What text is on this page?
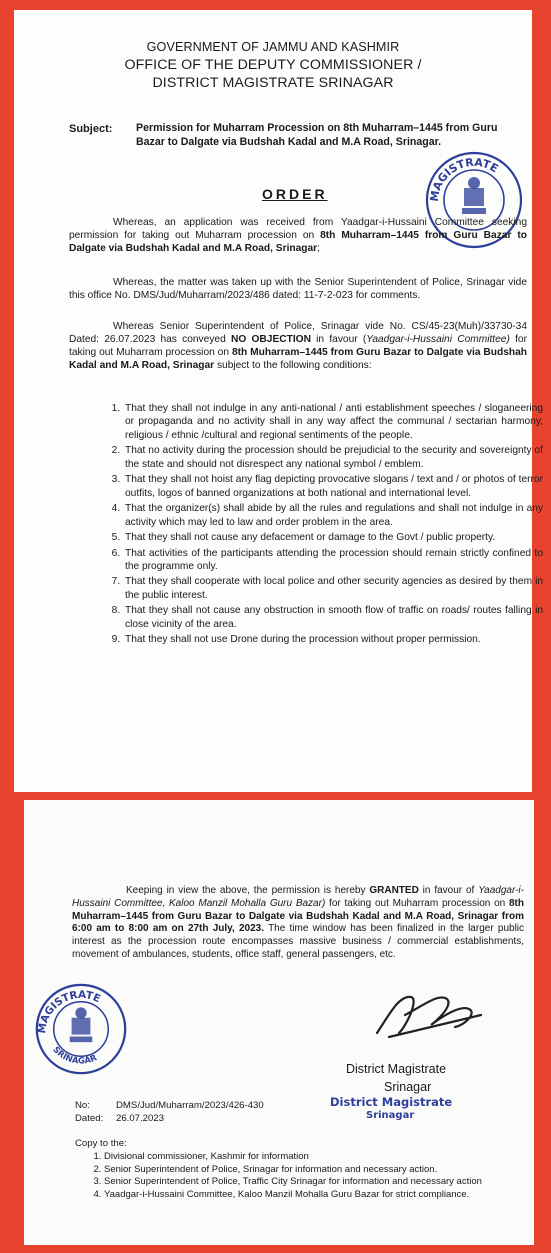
GOVERNMENT OF JAMMU AND KASHMIR

OFFICE OF THE DEPUTY COMMISSIONER /

DISTRICT MAGISTRATE SRINAGAR

Subject: Permission for Muharram Procession on 8th Muharram–1445 from Guru Bazar to Dalgate via Budshah Kadal and M.A Road, Srinagar.

ORDER	MAGISTRATE
Whereas, an application was received from Yaadgar-i-Hussaini Committee seeking permission for taking out Muharram procession on 8th Muharram–1445 from Guru Bazar to Dalgate via Budshah Kadal and M.A Road, Srinagar;
Whereas, the matter was taken up with the Senior Superintendent of Police, Srinagar vide this office No. DMS/Jud/Muharram/2023/486 dated: 11-7-2-023 for comments.
Whereas Senior Superintendent of Police, Srinagar vide No. CS/45-23(Muh)/33730-34 Dated: 26.07.2023 has conveyed NO OBJECTION in favour (Yaadgar-i-Hussaini Committee) for taking out Muharram procession on 8th Muharram–1445 from Guru Bazar to Dalgate via Budshah Kadal and M.A Road, Srinagar subject to the following conditions:
1. That they shall not indulge in any anti-national / anti establishment speeches / sloganeering or propaganda and no activity shall in any way affect the communal / sectarian harmony, religious / ethnic /cultural and regional sentiments of the people.
2. That no activity during the procession should be prejudicial to the security and sovereignty of the state and should not disrespect any national symbol / emblem.
3. That they shall not hoist any flag depicting provocative slogans / text and / or photos of terror outfits, logos of banned organizations at both national and international level.
4. That the organizer(s) shall abide by all the rules and regulations and shall not indulge in any activity which may led to law and order problem in the area.
5. That they shall not cause any defacement or damage to the Govt / public property.
6. That activities of the participants attending the procession should remain strictly confined to the programme only.
7. That they shall cooperate with local police and other security agencies as desired by them in the public interest.
8. That they shall not cause any obstruction in smooth flow of traffic on roads/ routes falling in close vicinity of the area.
9. That they shall not use Drone during the procession without proper permission.
Keeping in view the above, the permission is hereby GRANTED in favour of Yaadgar-i-Hussaini Committee, Kaloo Manzil Mohalla Guru Bazar) for taking out Muharram procession on 8th Muharram–1445 from Guru Bazar to Dalgate via Budshah Kadal and M.A Road, Srinagar from 6:00 am to 8:00 am on 27th July, 2023. The time window has been finalized in the larger public interest as the procession route encompasses massive business / commercial establishments, movement of ambulances, students, office staff, general passengers, etc.
MAGISTRATE
SRINAGAR

District Magistrate

Srinagar

District Magistrate

Srinagar

No:	DMS/Jud/Muharram/2023/426-430

Dated: 26.07.2023

Copy to the:

1. Divisional commissioner, Kashmir for information
2. Senior Superintendent of Police, Srinagar for information and necessary action.
3. Senior Superintendent of Police, Traffic City Srinagar for information and necessary action
4. Yaadgar-i-Hussaini Committee, Kaloo Manzil Mohalla Guru Bazar for strict compliance.
